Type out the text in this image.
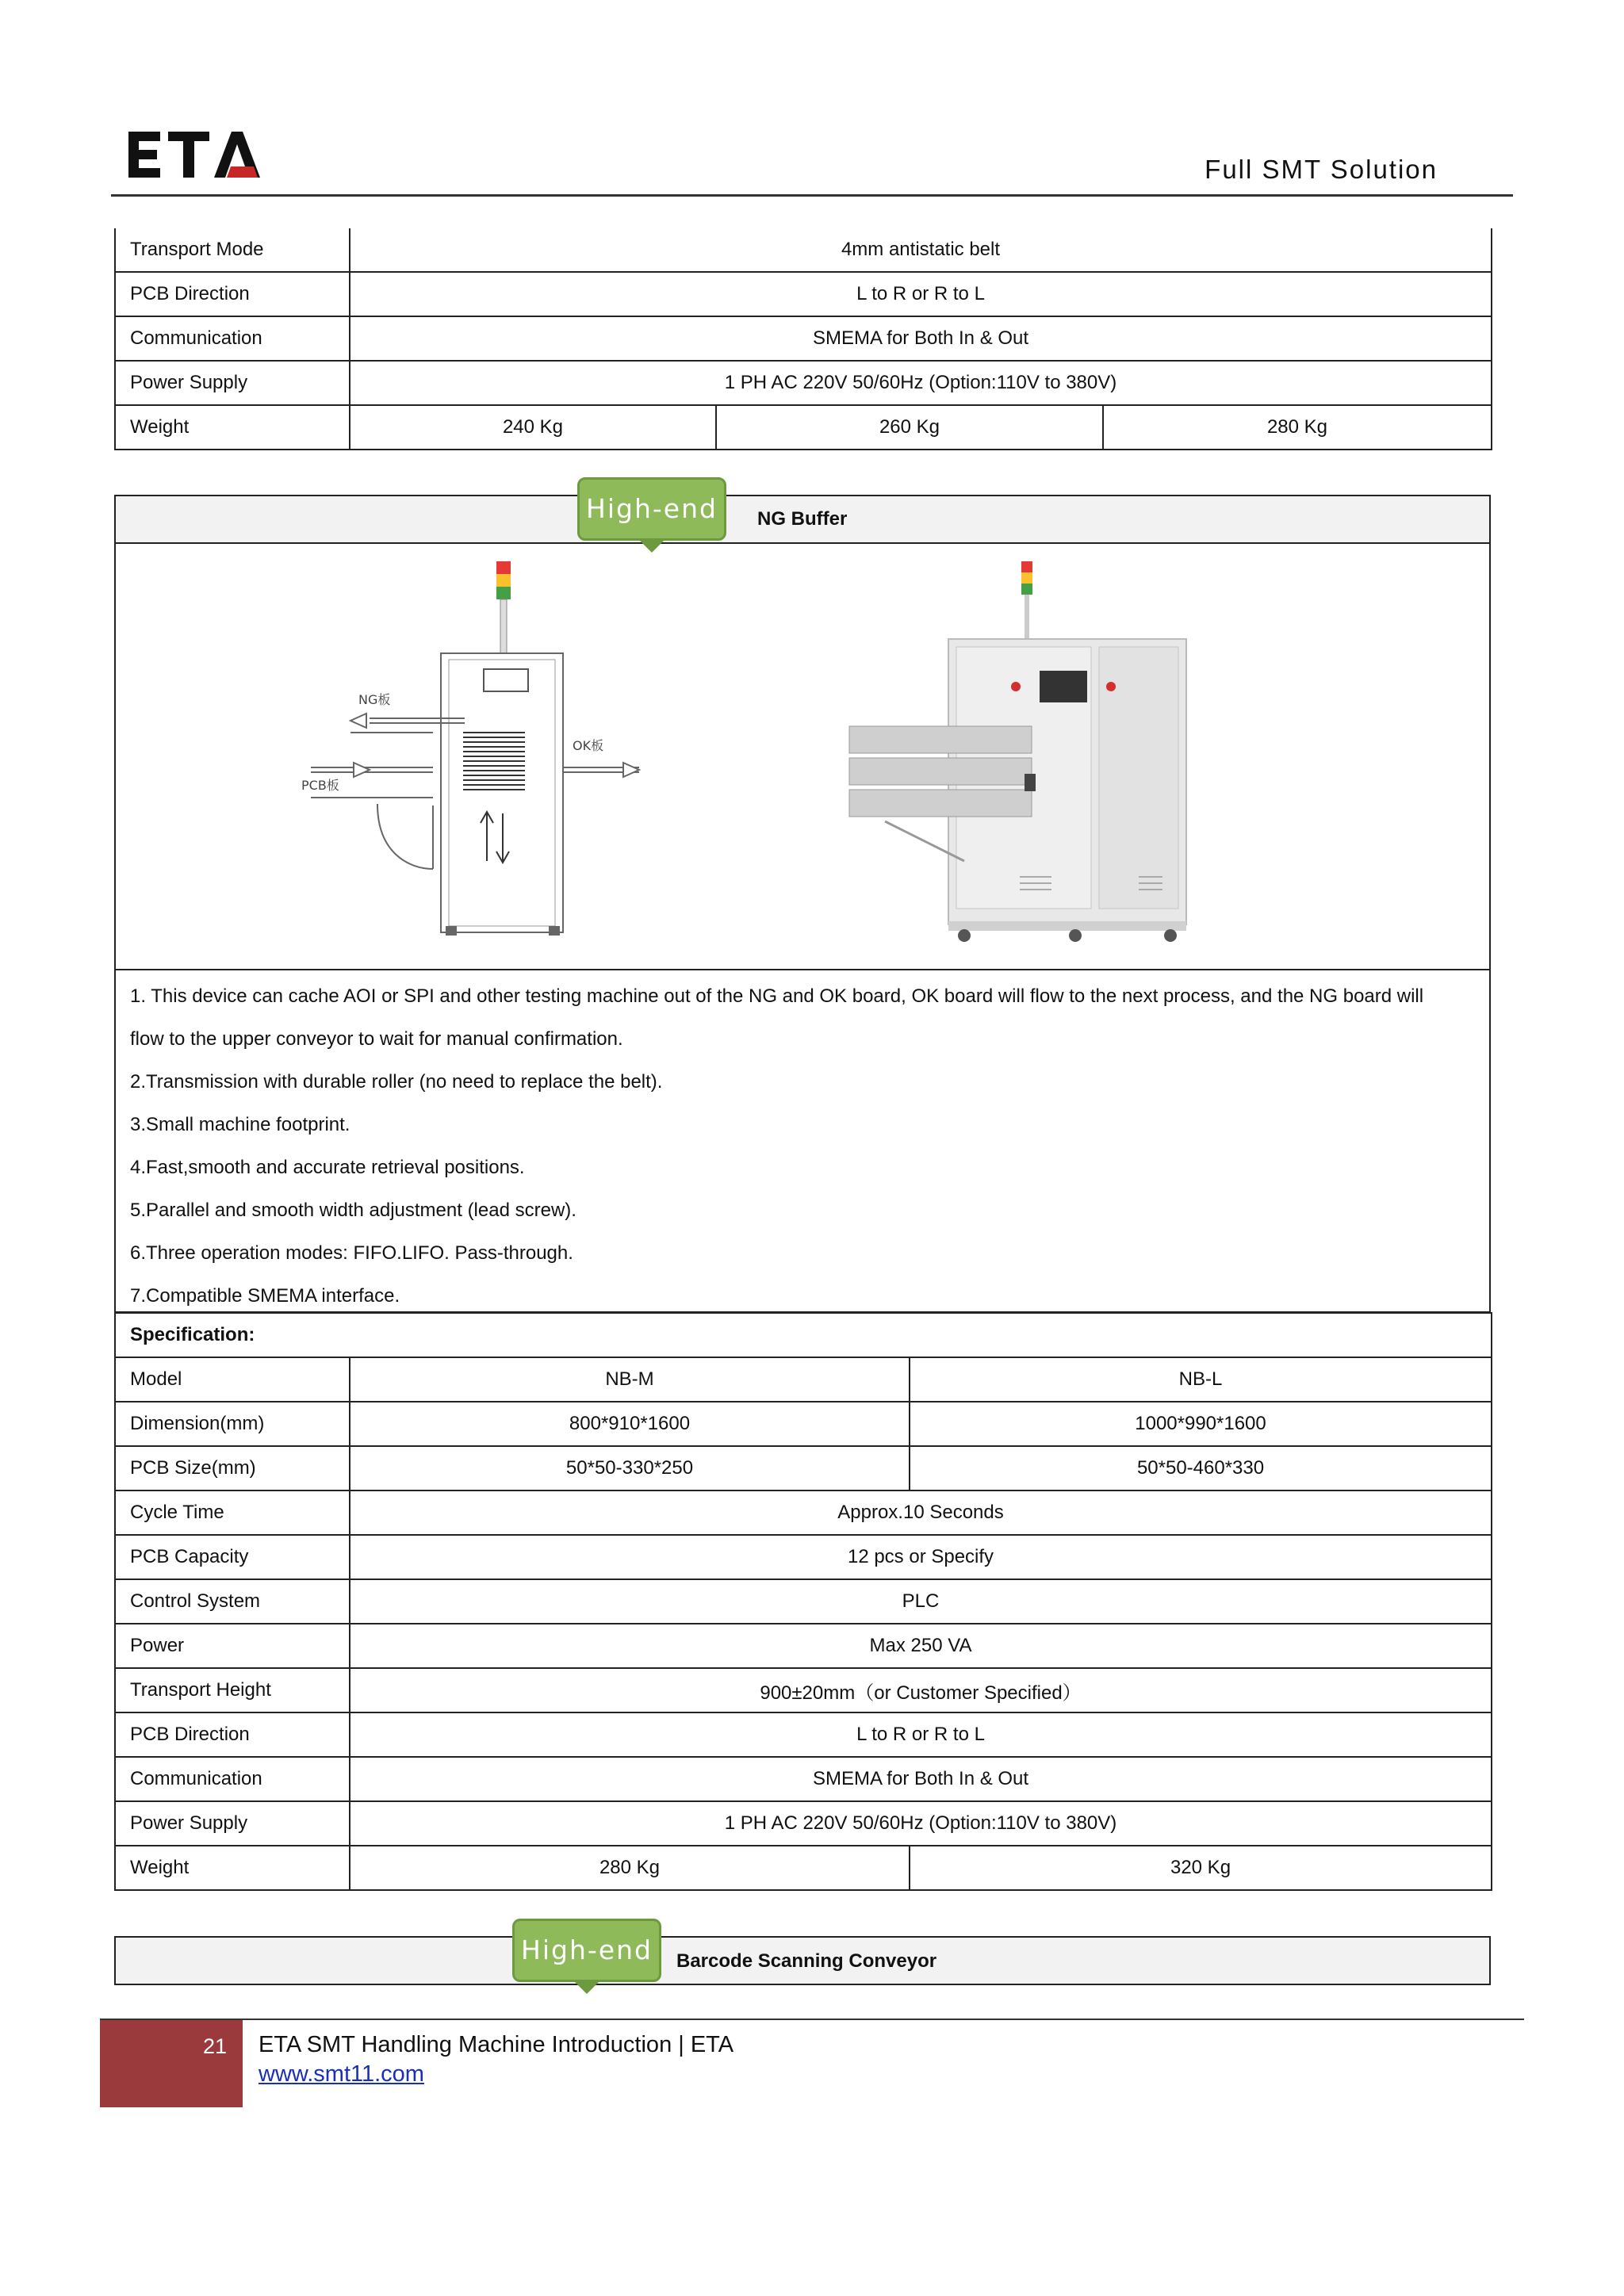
Full SMT Solution
Transport Mode	4mm antistatic belt		
PCB Direction	L to R or R to L		
Communication	SMEMA for Both In & Out		
Power Supply	1 PH AC 220V 50/60Hz (Option:110V to 380V)		
Weight	240 Kg	260 Kg	280 Kg
High-end	NG Buffer
NG板
OK板
PCB板
1. This device can cache AOI or SPI and other testing machine out of the NG and OK board, OK board will flow to the next process, and the NG board will
flow to the upper conveyor to wait for manual confirmation.
2.Transmission with durable roller (no need to replace the belt).
3.Small machine footprint.
4.Fast,smooth and accurate retrieval positions.
5.Parallel and smooth width adjustment (lead screw).
6.Three operation modes: FIFO.LIFO. Pass-through.
7.Compatible SMEMA interface.
Specification:		
Model	NB-M	NB-L
Dimension(mm)	800*910*1600	1000*990*1600
PCB Size(mm)	50*50-330*250	50*50-460*330
Cycle Time	Approx.10 Seconds	
PCB Capacity	12 pcs or Specify	
Control System	PLC	
Power	Max 250 VA	
Transport Height	900±20mm（or Customer Specified）	
PCB Direction	L to R or R to L	
Communication	SMEMA for Both In & Out	
Power Supply	1 PH AC 220V 50/60Hz (Option:110V to 380V)	
Weight	280 Kg	320 Kg
High-end	Barcode Scanning Conveyor
21 ETA SMT Handling Machine Introduction | ETA
www.smt11.com
